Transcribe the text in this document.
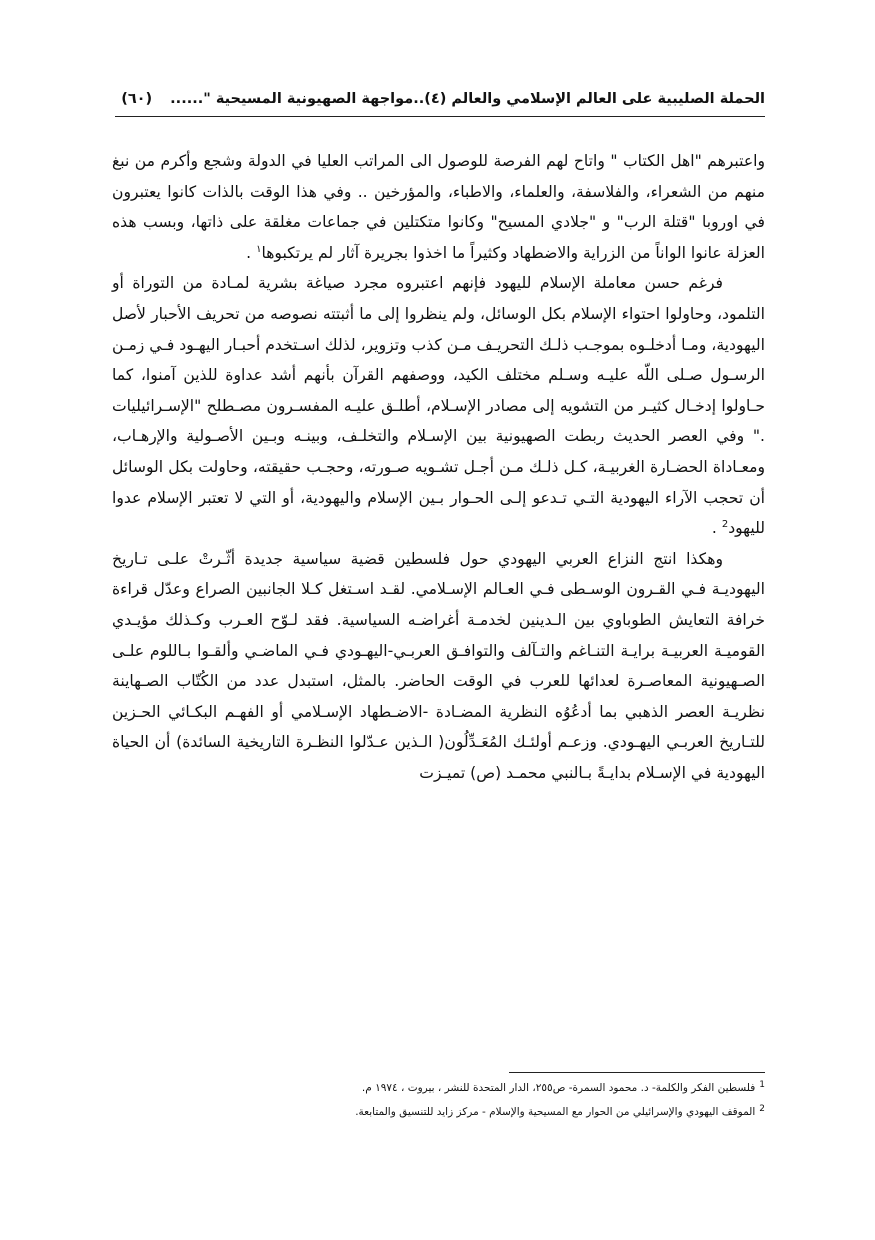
الحملة الصليبية على العالم الإسلامي والعالم (٤)..مواجهة الصهيونية المسيحية "......(٦٠)

واعتبرهم "اهل الكتاب " واتاح لهم الفرصة للوصول الى المراتب العليا في الدولة وشجع وأكرم من نبغ منهم من الشعراء، والفلاسفة، والعلماء، والاطباء، والمؤرخين .. وفي هذا الوقت بالذات كانوا يعتبرون في اوروبا "قتلة الرب" و "جلادي المسيح" وكانوا متكتلين في جماعات مغلقة على ذاتها، وبسب هذه العزلة عانوا الواناً من الزراية والاضطهاد وكثيراً ما اخذوا بجريرة آثار لم يرتكبوها$^١$ .

فرغم حسن معاملة الإسلام لليهود فإنهم اعتبروه مجرد صياغة بشرية لمـادة من التوراة أو التلمود، وحاولوا احتواء الإسلام بكل الوسائل، ولم ينظروا إلى ما أثبتته نصوصه من تحريف الأحبار لأصل اليهودية، ومـا أدخلـوه بموجـب ذلـك التحريـف مـن كذب وتزوير، لذلك اسـتخدم أحبـار اليهـود فـي زمـن الرسـول صـلى اللّه عليـه وسـلم مختلف الكيد، ووصفهم القرآن بأنهم أشد عداوة للذين آمنوا، كما حـاولوا إدخـال كثيـر من التشويه إلى مصادر الإسـلام، أطلـق عليـه المفسـرون مصـطلح "الإسـرائيليات ." وفي العصر الحديث ربطت الصهيونية بين الإسـلام والتخلـف، وبينـه وبـين الأصـولية والإرهـاب، ومعـاداة الحضـارة الغربيـة، كـل ذلـك مـن أجـل تشـويه صـورته، وحجـب حقيقته، وحاولت بكل الوسائل أن تحجب الآراء اليهودية التـي تـدعو إلـى الحـوار بـين الإسلام واليهودية، أو التي لا تعتبر الإسلام عدوا لليهود$^2$ .

وهكذا انتج النزاع العربي اليهودي حول فلسطين قضية سياسية جديدة أثّـرتْ علـى تـاريخ اليهوديـة فـي القـرون الوسـطى فـي العـالم الإسـلامي. لقـد اسـتغل كـلا الجانبين الصراع وعدّل قراءة خرافة التعايش الطوباوي بين الـدينين لخدمـة أغراضـه السياسية. فقد لـوّح العـرب وكـذلك مؤيـدي القوميـة العربيـة برايـة التنـاغم والتـآلف والتوافـق العربـي-اليهـودي فـي الماضـي وألقـوا بـاللوم علـى الصـهيونية المعاصـرة لعدائها للعرب في الوقت الحاضر. بالمثل، استبدل عدد من الكُتّاب الصـهاينة نظريـة العصر الذهبي بما أدعُوُه النظرية المضـادة -الاضـطهاد الإسـلامي أو الفهـم البكـائي الحـزين للتـاريخ العربـي اليهـودي. وزعـم أولئـك المُعَـدِّلُون( الـذين عـدّلوا النظـرة التاريخية السائدة) أن الحياة اليهودية في الإسـلام بدايـةً بـالنبي محمـد (ص) تميـزت

$^1$فلسطين الفكر والكلمة- د. محمود السمرة- ص٢٥٥، الدار المتحدة للنشر ، بيروت ، ١٩٧٤ م.
$^2$الموقف اليهودي والإسرائيلي من الحوار مع المسيحية والإسلام - مركز زايد للتنسيق والمتابعة.
